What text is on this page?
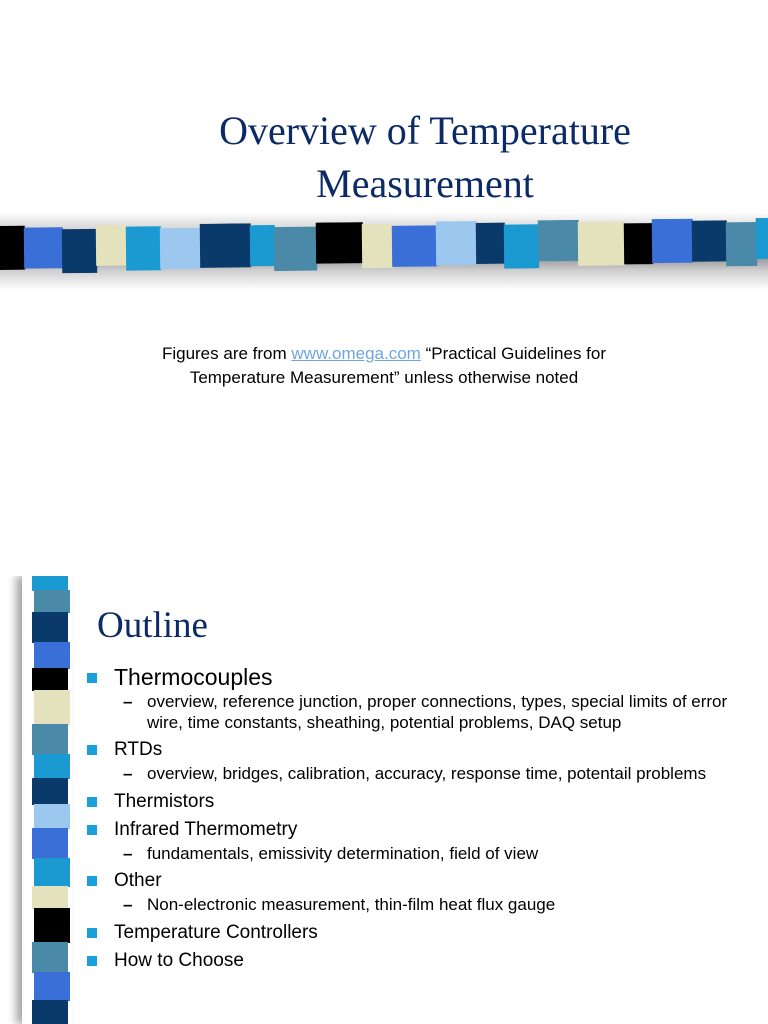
Overview of Temperature
Measurement
Figures are from www.omega.com “Practical Guidelines for
Temperature Measurement” unless otherwise noted
Outline
Thermocouples
– overview, reference junction, proper connections, types, special limits of error wire, time constants, sheathing, potential problems, DAQ setup
RTDs
– overview, bridges, calibration, accuracy, response time, potentail problems
Thermistors
Infrared Thermometry
– fundamentals, emissivity determination, field of view
Other
– Non-electronic measurement, thin-film heat flux gauge
Temperature Controllers
How to Choose
